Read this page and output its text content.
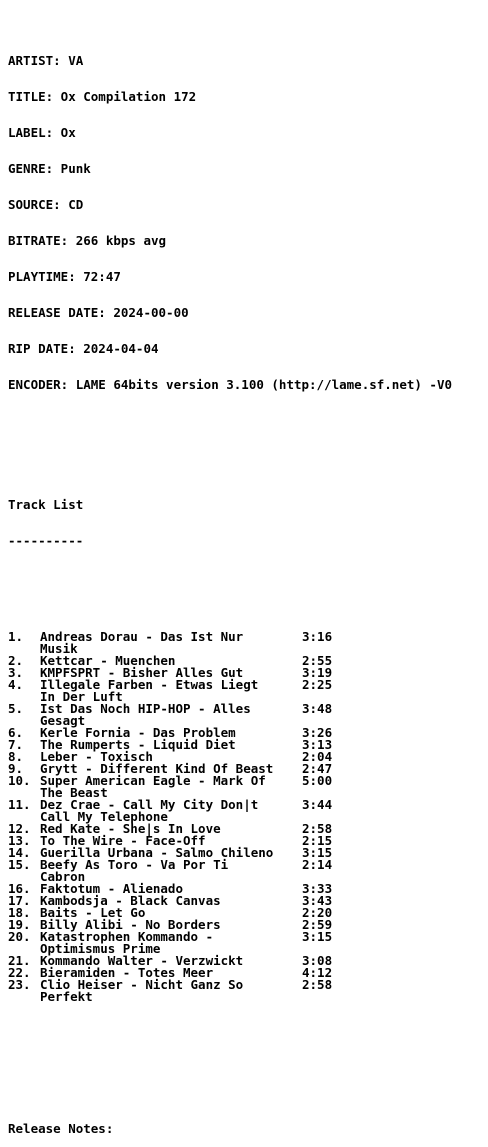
ARTIST: VA

TITLE: Ox Compilation 172

LABEL: Ox

GENRE: Punk

SOURCE: CD

BITRATE: 266 kbps avg

PLAYTIME: 72:47

RELEASE DATE: 2024-00-00

RIP DATE: 2024-04-04

ENCODER: LAME 64bits version 3.100 (http://lame.sf.net) -V0

Track List

----------

1. Andreas Dorau - Das Ist Nur	3:16
Musik
2. Kettcar - Muenchen	2:55
3. KMPFSPRT - Bisher Alles Gut	3:19
4. Illegale Farben - Etwas Liegt	2:25
In Der Luft
5. Ist Das Noch HIP-HOP - Alles	3:48
Gesagt
6. Kerle Fornia - Das Problem	3:26
7. The Rumperts - Liquid Diet	3:13
8. Leber - Toxisch	2:04
9. Grytt - Different Kind Of Beast 2:47
10. Super American Eagle - Mark Of	5:00
The Beast
11. Dez Crae - Call My City Don|t	3:44
Call My Telephone
12. Red Kate - She|s In Love	2:58
13. To The Wire - Face-Off	2:15
14. Guerilla Urbana - Salmo Chileno 3:15
15. Beefy As Toro - Va Por Ti	2:14
Cabron
16. Faktotum - Alienado	3:33
17. Kambodsja - Black Canvas	3:43
18. Baits - Let Go	2:20
19. Billy Alibi - No Borders	2:59
20. Katastrophen Kommando -	3:15
Optimismus Prime
21. Kommando Walter - Verzwickt	3:08
22. Bieramiden - Totes Meer	4:12
23. Clio Heiser - Nicht Ganz So	2:58
Perfekt

Release Notes:
